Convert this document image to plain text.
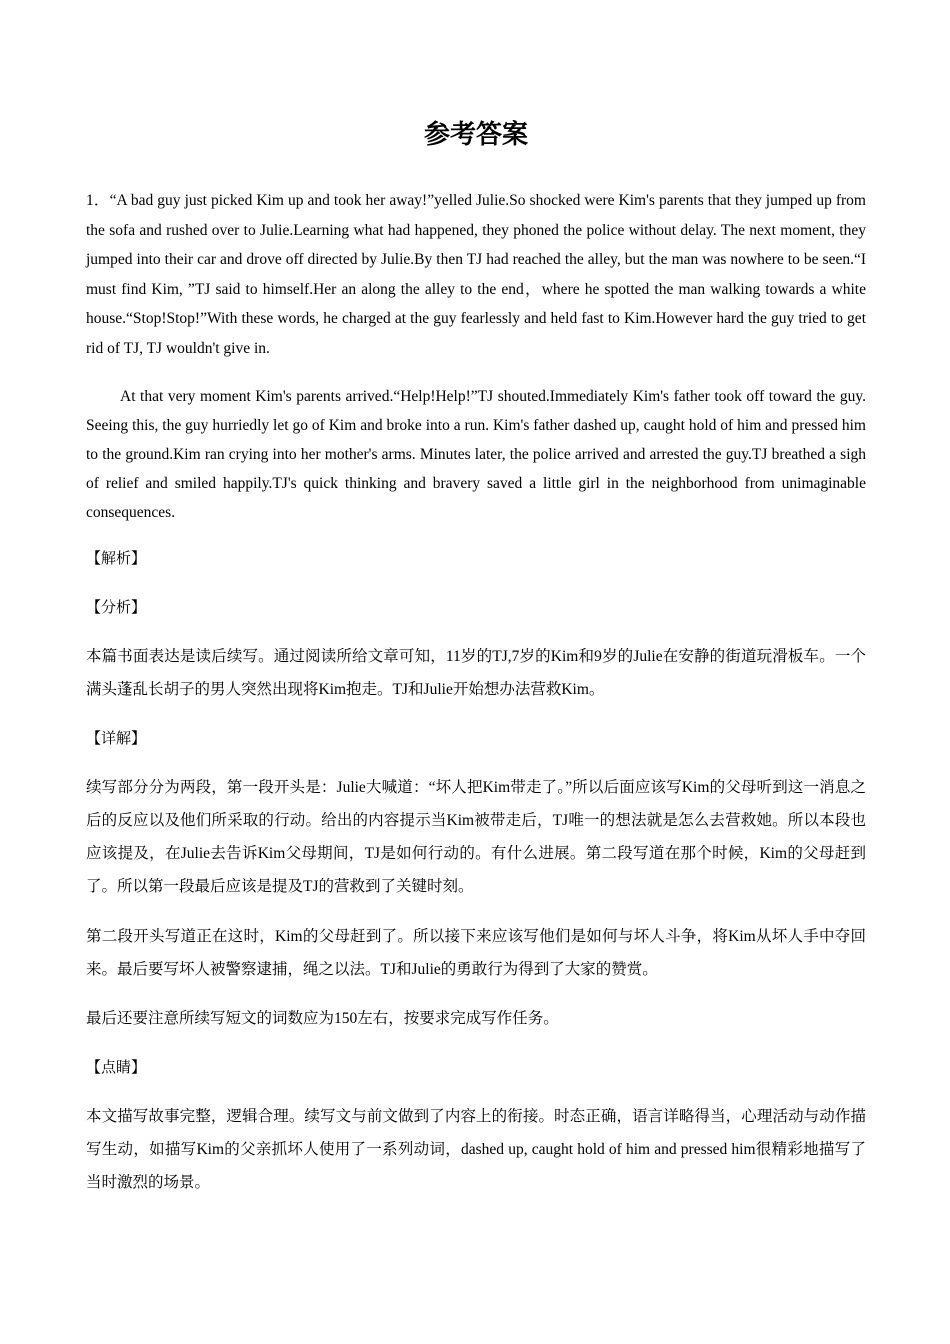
参考答案

1．“A bad guy just picked Kim up and took her away!”yelled Julie.So shocked were Kim's parents that they jumped up from the sofa and rushed over to Julie.Learning what had happened, they phoned the police without delay. The next moment, they jumped into their car and drove off directed by Julie.By then TJ had reached the alley, but the man was nowhere to be seen.“I must find Kim, ”TJ said to himself.Her an along the alley to the end，where he spotted the man walking towards a white house.“Stop!Stop!”With these words, he charged at the guy fearlessly and held fast to Kim.However hard the guy tried to get rid of TJ, TJ wouldn't give in.

At that very moment Kim's parents arrived.“Help!Help!”TJ shouted.Immediately Kim's father took off toward the guy. Seeing this, the guy hurriedly let go of Kim and broke into a run. Kim's father dashed up, caught hold of him and pressed him to the ground.Kim ran crying into her mother's arms. Minutes later, the police arrived and arrested the guy.TJ breathed a sigh of relief and smiled happily.TJ's quick thinking and bravery saved a little girl in the neighborhood from unimaginable consequences.

【解析】

【分析】

本篇书面表达是读后续写。通过阅读所给文章可知，11岁的TJ,7岁的Kim和9岁的Julie在安静的街道玩滑板车。一个满头蓬乱长胡子的男人突然出现将Kim抱走。TJ和Julie开始想办法营救Kim。

【详解】

续写部分分为两段，第一段开头是：Julie大喊道：“坏人把Kim带走了。”所以后面应该写Kim的父母听到这一消息之后的反应以及他们所采取的行动。给出的内容提示当Kim被带走后，TJ唯一的想法就是怎么去营救她。所以本段也应该提及，在Julie去告诉Kim父母期间，TJ是如何行动的。有什么进展。第二段写道在那个时候，Kim的父母赶到了。所以第一段最后应该是提及TJ的营救到了关键时刻。

第二段开头写道正在这时，Kim的父母赶到了。所以接下来应该写他们是如何与坏人斗争，将Kim从坏人手中夺回来。最后要写坏人被警察逮捕，绳之以法。TJ和Julie的勇敢行为得到了大家的赞赏。

最后还要注意所续写短文的词数应为150左右，按要求完成写作任务。

【点睛】

本文描写故事完整，逻辑合理。续写文与前文做到了内容上的衔接。时态正确，语言详略得当，心理活动与动作描写生动，如描写Kim的父亲抓坏人使用了一系列动词，dashed up, caught hold of him and pressed him很精彩地描写了当时激烈的场景。
